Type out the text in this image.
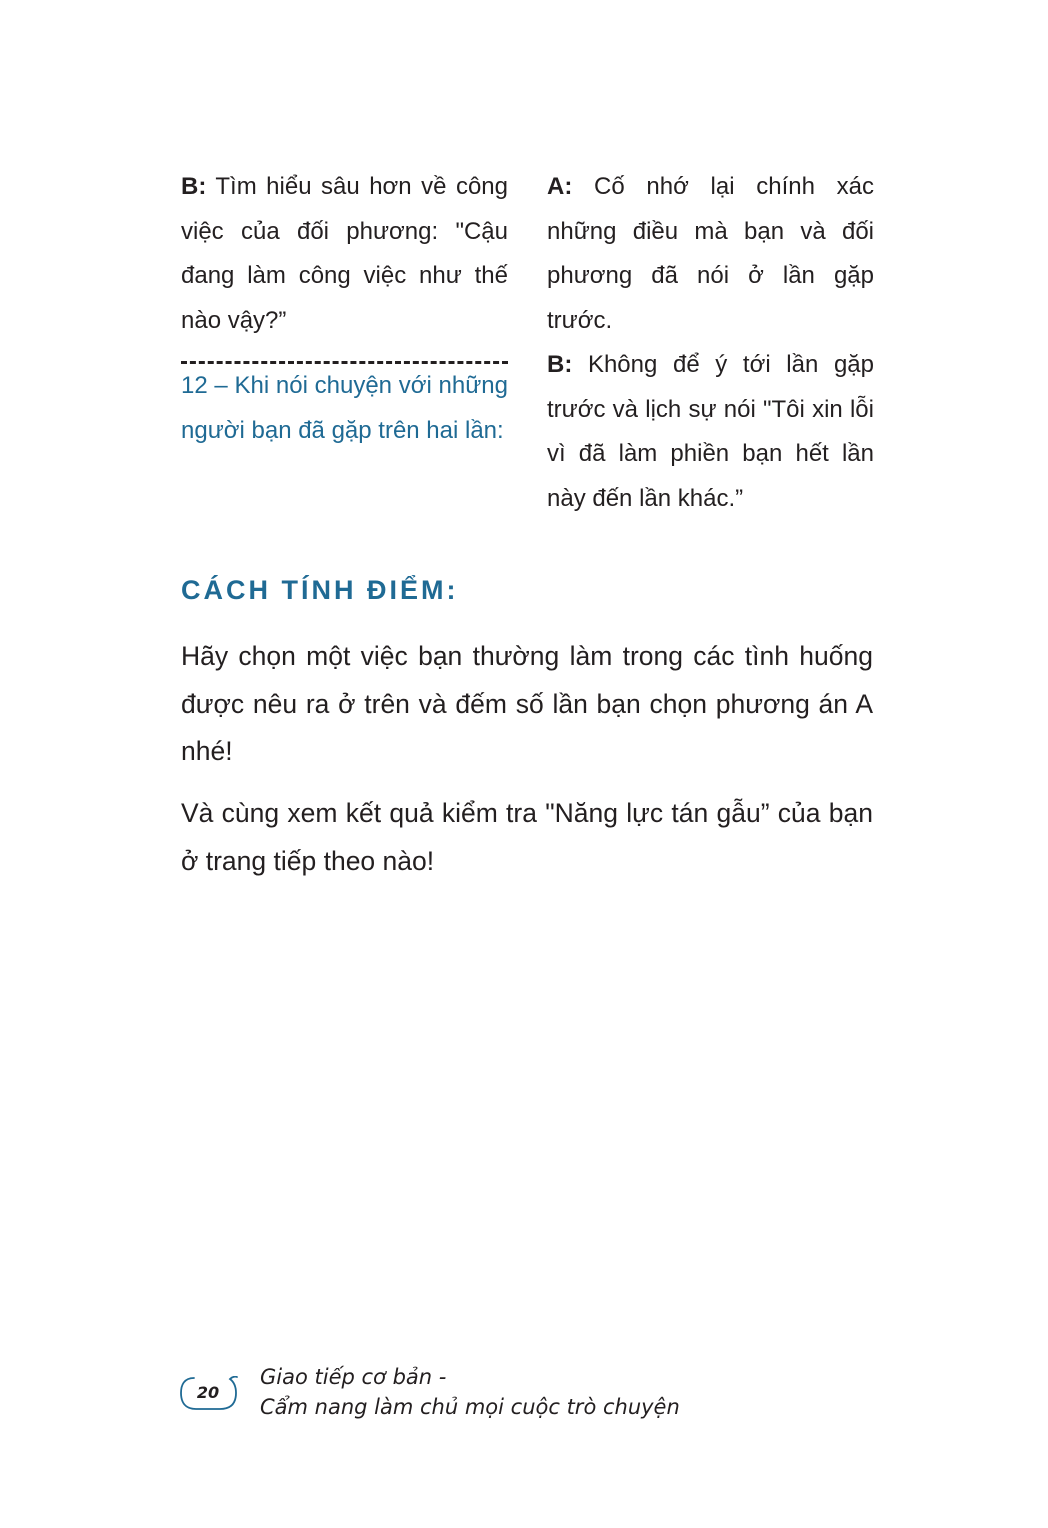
B: Tìm hiểu sâu hơn về công việc của đối phương: "Cậu đang làm công việc như thế nào vậy?”

12 – Khi nói chuyện với những người bạn đã gặp trên hai lần:

A: Cố nhớ lại chính xác những điều mà bạn và đối phương đã nói ở lần gặp trước.

B: Không để ý tới lần gặp trước và lịch sự nói "Tôi xin lỗi vì đã làm phiền bạn hết lần này đến lần khác.”

CÁCH TÍNH ĐIỂM:

Hãy chọn một việc bạn thường làm trong các tình huống được nêu ra ở trên và đếm số lần bạn chọn phương án A nhé!

Và cùng xem kết quả kiểm tra "Năng lực tán gẫu” của bạn ở trang tiếp theo nào!

20
Giao tiếp cơ bản -
Cẩm nang làm chủ mọi cuộc trò chuyện
